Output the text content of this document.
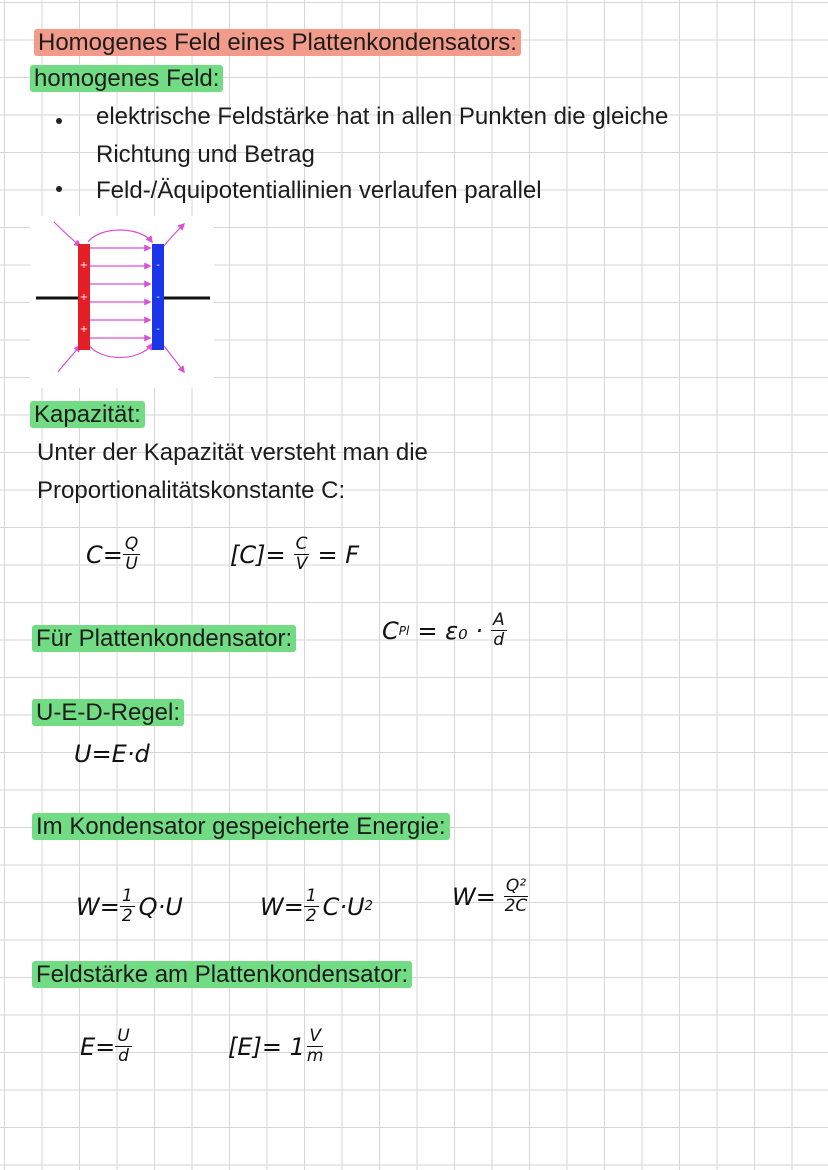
Homogenes Feld eines Plattenkondensators:
homogenes Feld:
elektrische Feldstärke hat in allen Punkten die gleiche
Richtung und Betrag
Feld-/Äquipotentiallinien verlaufen parallel
+
+
+
-
-
-
Kapazität:
Unter der Kapazität versteht man die
Proportionalitätskonstante C:
$C= \frac{Q}{U}$	$[C]= \frac{C}{V} = F$
Für Plattenkondensator:	C $Pl = \varepsilon_0 \cdot \frac{A}{d}$
U-E-D-Regel:
U=E·d
Im Kondensator gespeicherte Energie:
$W= \frac{1}{2} Q\cdot U$	$W= \frac{1}{2} C\cdot U$ 2	$W= \frac{\text{Q²}}{2C}$
Feldstärke am Plattenkondensator:
$E= \frac{U}{d}$	$[E]= 1 \frac{V}{m}$
